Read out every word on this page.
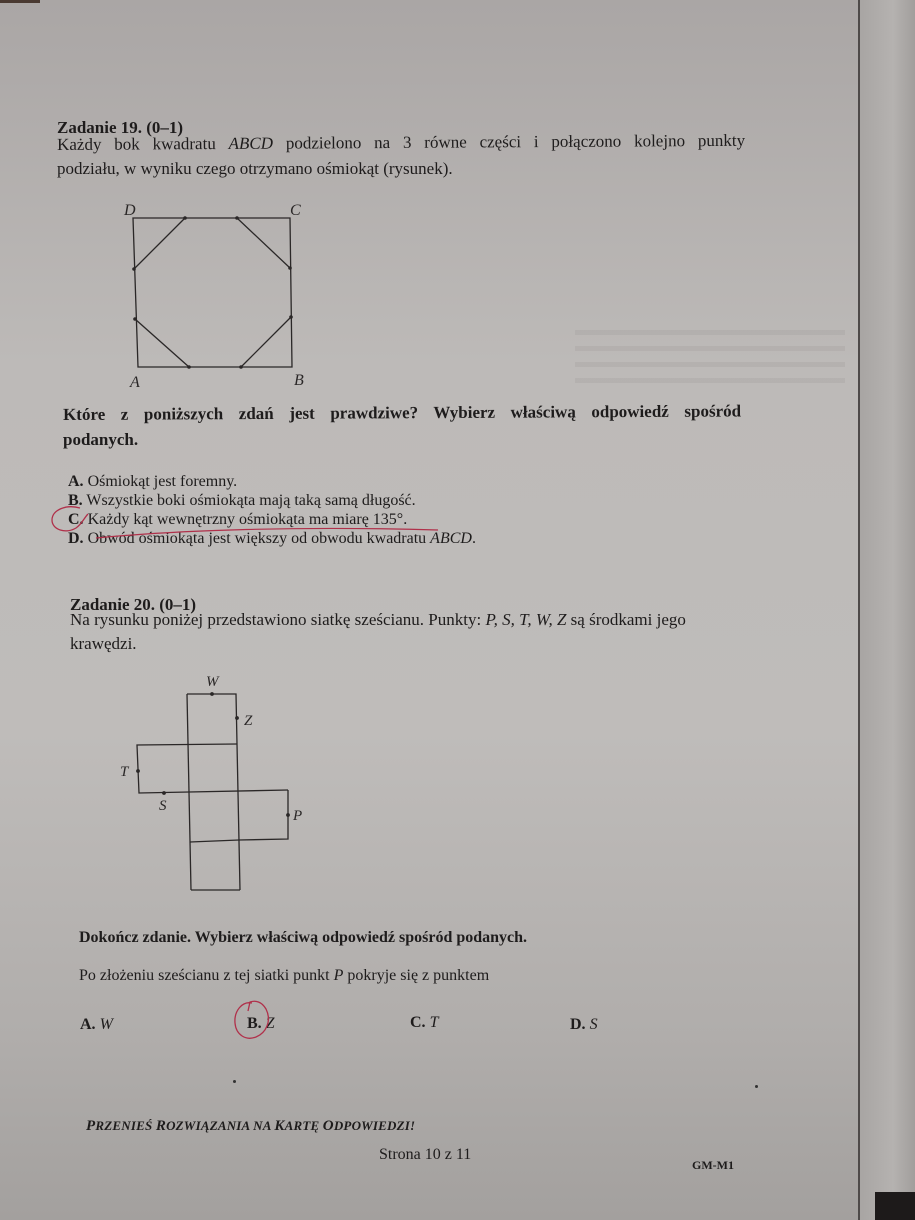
Zadanie 19. (0–1)
Każdy bok kwadratu ABCD podzielono na 3 równe części i połączono kolejno punkty
podziału, w wyniku czego otrzymano ośmiokąt (rysunek).
D	C
A	B
Które z poniższych zdań jest prawdziwe? Wybierz właściwą odpowiedź spośród
podanych.
A. Ośmiokąt jest foremny.
B. Wszystkie boki ośmiokąta mają taką samą długość.
C. Każdy kąt wewnętrzny ośmiokąta ma miarę 135°.
D. Obwód ośmiokąta jest większy od obwodu kwadratu ABCD.
Zadanie 20. (0–1)
Na rysunku poniżej przedstawiono siatkę sześcianu. Punkty: P, S, T, W, Z są środkami jego
krawędzi.
W
Z
T
S
P
Dokończ zdanie. Wybierz właściwą odpowiedź spośród podanych.
Po złożeniu sześcianu z tej siatki punkt P pokryje się z punktem
A. W	B. Z	C. T	D. S
PRZENIEŚ ROZWIĄZANIA NA KARTĘ ODPOWIEDZI!
Strona 10 z 11
GM-M1
